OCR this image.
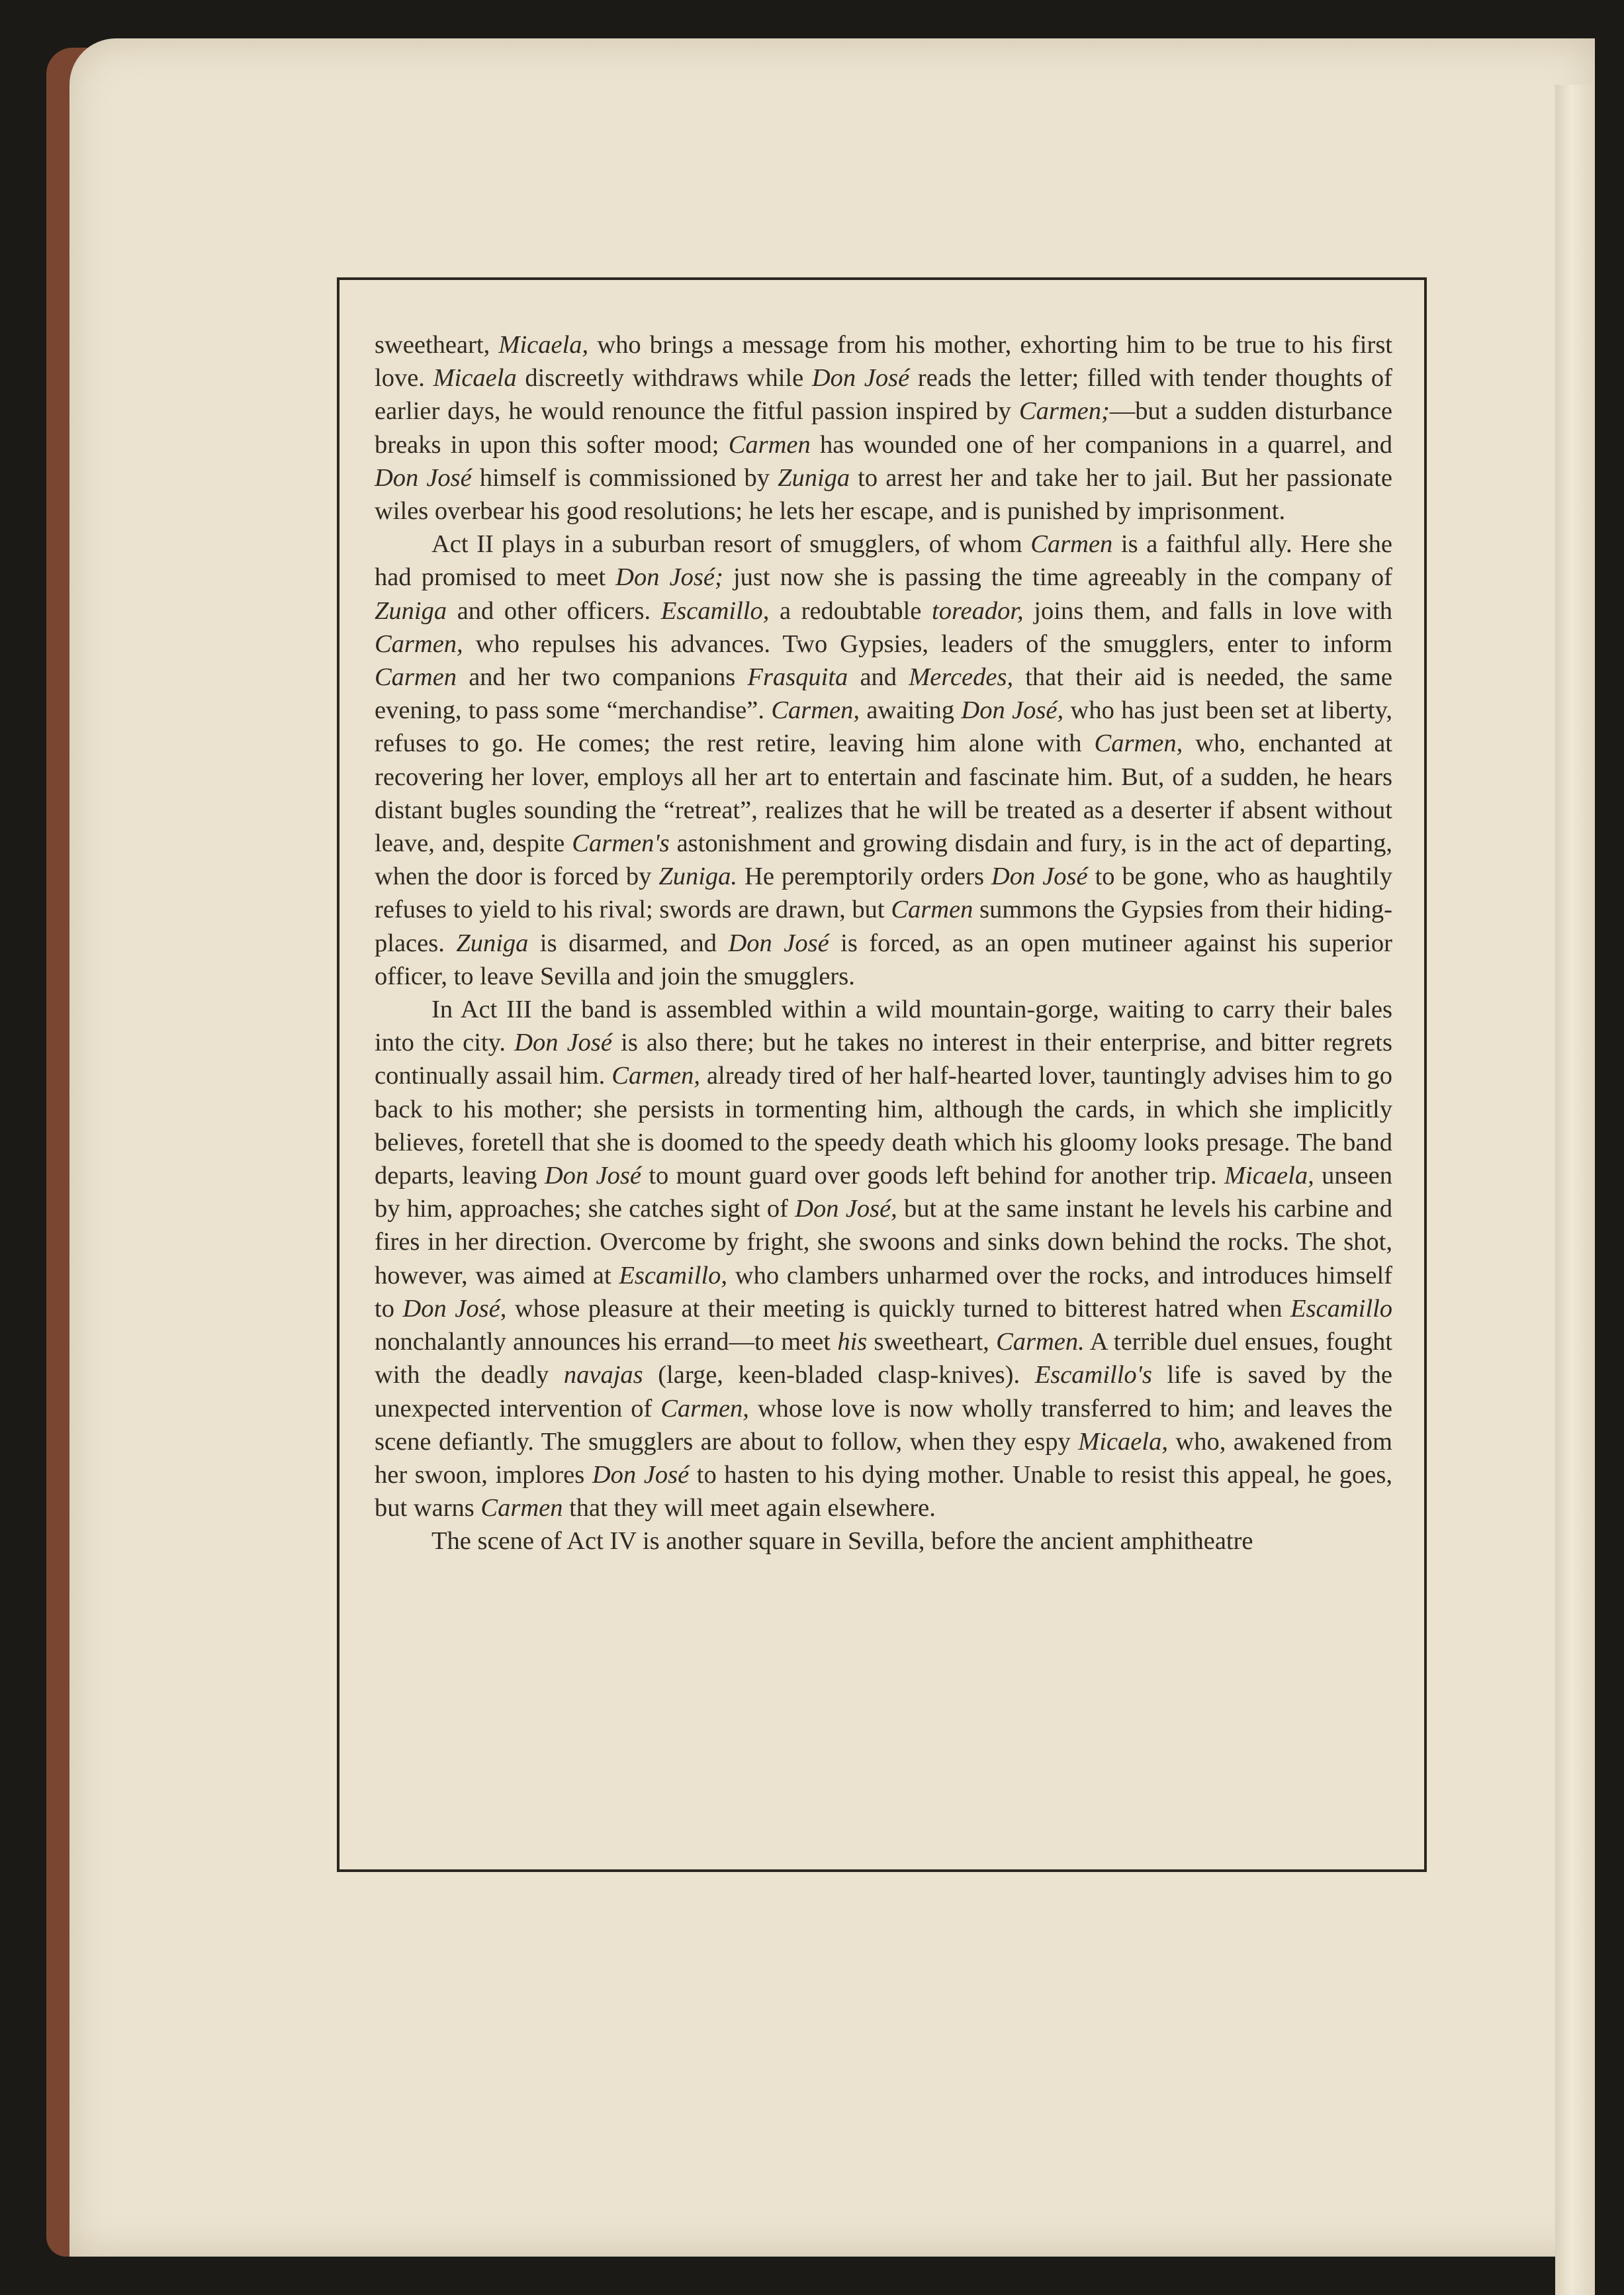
sweetheart, Micaela, who brings a message from his mother, exhorting him to be true to his first love. Micaela discreetly withdraws while Don José reads the letter; filled with tender thoughts of earlier days, he would renounce the fitful passion inspired by Carmen;—but a sudden disturbance breaks in upon this softer mood; Carmen has wounded one of her companions in a quarrel, and Don José himself is commissioned by Zuniga to arrest her and take her to jail. But her passionate wiles overbear his good resolutions; he lets her escape, and is punished by imprisonment.

Act II plays in a suburban resort of smugglers, of whom Carmen is a faithful ally. Here she had promised to meet Don José; just now she is passing the time agreeably in the company of Zuniga and other officers. Escamillo, a redoubtable toreador, joins them, and falls in love with Carmen, who repulses his advances. Two Gypsies, leaders of the smugglers, enter to inform Carmen and her two companions Frasquita and Mercedes, that their aid is needed, the same evening, to pass some “merchandise”. Carmen, awaiting Don José, who has just been set at liberty, refuses to go. He comes; the rest retire, leaving him alone with Carmen, who, enchanted at recovering her lover, employs all her art to entertain and fascinate him. But, of a sudden, he hears distant bugles sounding the “retreat”, realizes that he will be treated as a deserter if absent without leave, and, despite Carmen's astonishment and growing disdain and fury, is in the act of departing, when the door is forced by Zuniga. He peremptorily orders Don José to be gone, who as haughtily refuses to yield to his rival; swords are drawn, but Carmen summons the Gypsies from their hiding-places. Zuniga is disarmed, and Don José is forced, as an open mutineer against his superior officer, to leave Sevilla and join the smugglers.

In Act III the band is assembled within a wild mountain-gorge, waiting to carry their bales into the city. Don José is also there; but he takes no interest in their enterprise, and bitter regrets continually assail him. Carmen, already tired of her half-hearted lover, tauntingly advises him to go back to his mother; she persists in tormenting him, although the cards, in which she implicitly believes, foretell that she is doomed to the speedy death which his gloomy looks presage. The band departs, leaving Don José to mount guard over goods left behind for another trip. Micaela, unseen by him, approaches; she catches sight of Don José, but at the same instant he levels his carbine and fires in her direction. Overcome by fright, she swoons and sinks down behind the rocks. The shot, however, was aimed at Escamillo, who clambers unharmed over the rocks, and introduces himself to Don José, whose pleasure at their meeting is quickly turned to bitterest hatred when Escamillo nonchalantly announces his errand—to meet his sweetheart, Carmen. A terrible duel ensues, fought with the deadly navajas (large, keen-bladed clasp-knives). Escamillo's life is saved by the unexpected intervention of Carmen, whose love is now wholly transferred to him; and leaves the scene defiantly. The smugglers are about to follow, when they espy Micaela, who, awakened from her swoon, implores Don José to hasten to his dying mother. Unable to resist this appeal, he goes, but warns Carmen that they will meet again elsewhere.

The scene of Act IV is another square in Sevilla, before the ancient amphitheatre
